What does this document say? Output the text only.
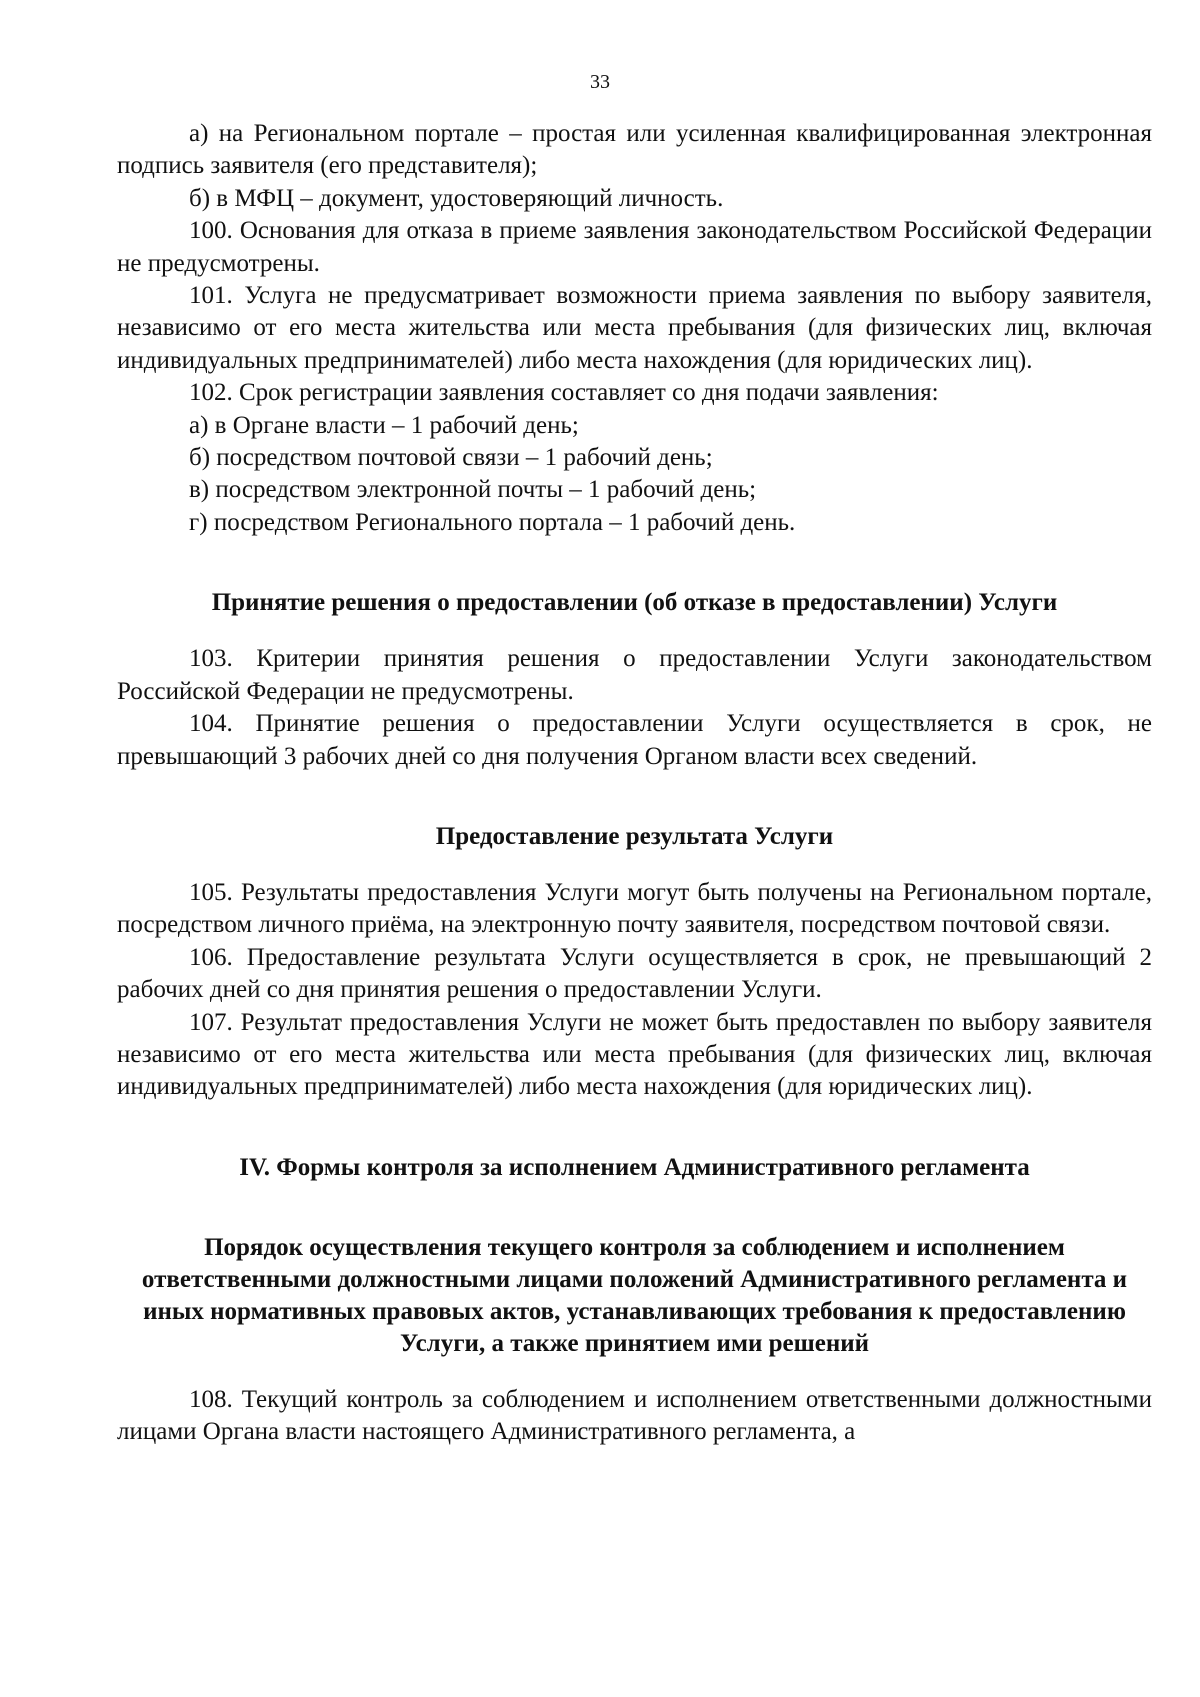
33

а) на Региональном портале – простая или усиленная квалифицированная электронная подпись заявителя (его представителя);

б) в МФЦ – документ, удостоверяющий личность.

100. Основания для отказа в приеме заявления законодательством Российской Федерации не предусмотрены.

101. Услуга не предусматривает возможности приема заявления по выбору заявителя, независимо от его места жительства или места пребывания (для физических лиц, включая индивидуальных предпринимателей) либо места нахождения (для юридических лиц).

102. Срок регистрации заявления составляет со дня подачи заявления:

а) в Органе власти – 1 рабочий день;

б) посредством почтовой связи – 1 рабочий день;

в) посредством электронной почты – 1 рабочий день;

г) посредством Регионального портала – 1 рабочий день.

Принятие решения о предоставлении (об отказе в предоставлении) Услуги

103. Критерии принятия решения о предоставлении Услуги законодательством Российской Федерации не предусмотрены.

104. Принятие решения о предоставлении Услуги осуществляется в срок, не превышающий 3 рабочих дней со дня получения Органом власти всех сведений.

Предоставление результата Услуги

105. Результаты предоставления Услуги могут быть получены на Региональном портале, посредством личного приёма, на электронную почту заявителя, посредством почтовой связи.

106. Предоставление результата Услуги осуществляется в срок, не превышающий 2 рабочих дней со дня принятия решения о предоставлении Услуги.

107. Результат предоставления Услуги не может быть предоставлен по выбору заявителя независимо от его места жительства или места пребывания (для физических лиц, включая индивидуальных предпринимателей) либо места нахождения (для юридических лиц).

IV. Формы контроля за исполнением Административного регламента
Порядок осуществления текущего контроля за соблюдением и исполнением ответственными должностными лицами положений Административного регламента и иных нормативных правовых актов, устанавливающих требования к предоставлению Услуги, а также принятием ими решений

108. Текущий контроль за соблюдением и исполнением ответственными должностными лицами Органа власти настоящего Административного регламента, а
